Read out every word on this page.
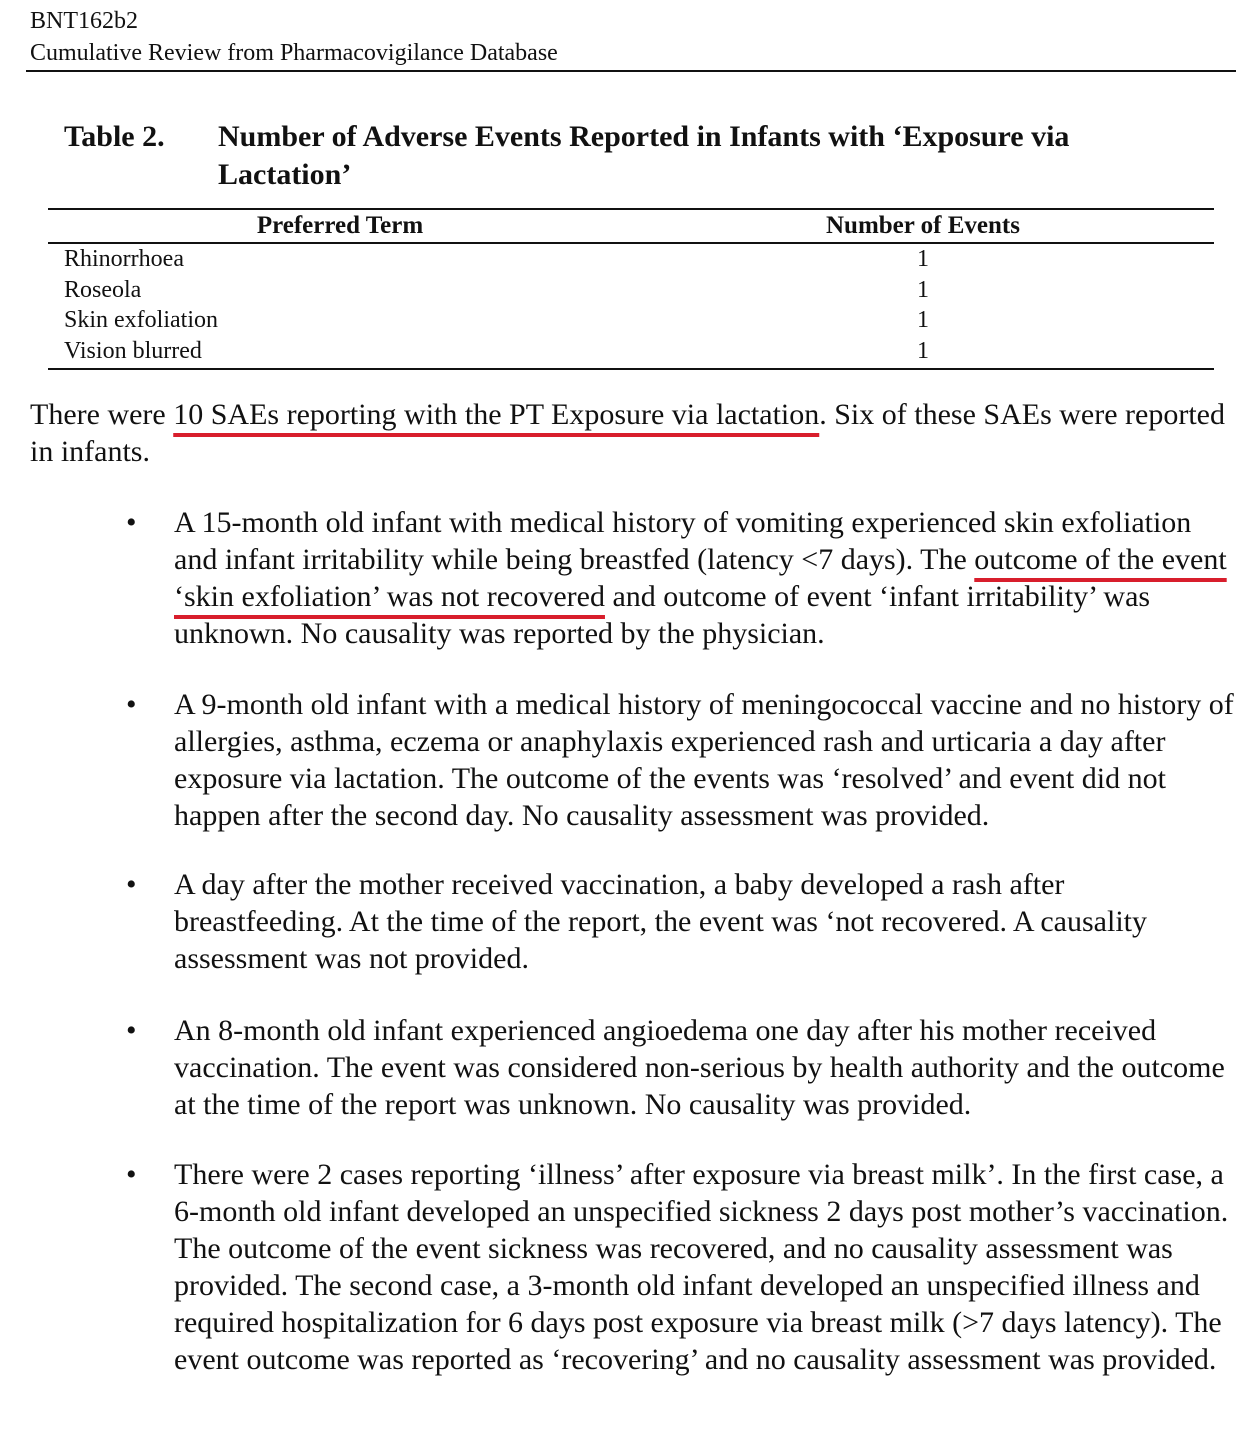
BNT162b2
Cumulative Review from Pharmacovigilance Database
Table 2. Number of Adverse Events Reported in Infants with ‘Exposure via Lactation’
Preferred Term	Number of Events
Rhinorrhoea	1
Roseola	1
Skin exfoliation	1
Vision blurred	1
There were 10 SAEs reporting with the PT Exposure via lactation. Six of these SAEs were reported in infants.
• A 15-month old infant with medical history of vomiting experienced skin exfoliation and infant irritability while being breastfed (latency <7 days). The outcome of the event ‘skin exfoliation’ was not recovered and outcome of event ‘infant irritability’ was unknown. No causality was reported by the physician.
• A 9-month old infant with a medical history of meningococcal vaccine and no history of allergies, asthma, eczema or anaphylaxis experienced rash and urticaria a day after exposure via lactation. The outcome of the events was ‘resolved’ and event did not happen after the second day. No causality assessment was provided.
• A day after the mother received vaccination, a baby developed a rash after breastfeeding. At the time of the report, the event was ‘not recovered. A causality assessment was not provided.
• An 8-month old infant experienced angioedema one day after his mother received vaccination. The event was considered non-serious by health authority and the outcome at the time of the report was unknown. No causality was provided.
• There were 2 cases reporting ‘illness’ after exposure via breast milk’. In the first case, a 6-month old infant developed an unspecified sickness 2 days post mother’s vaccination. The outcome of the event sickness was recovered, and no causality assessment was provided. The second case, a 3-month old infant developed an unspecified illness and required hospitalization for 6 days post exposure via breast milk (>7 days latency). The event outcome was reported as ‘recovering’ and no causality assessment was provided.
